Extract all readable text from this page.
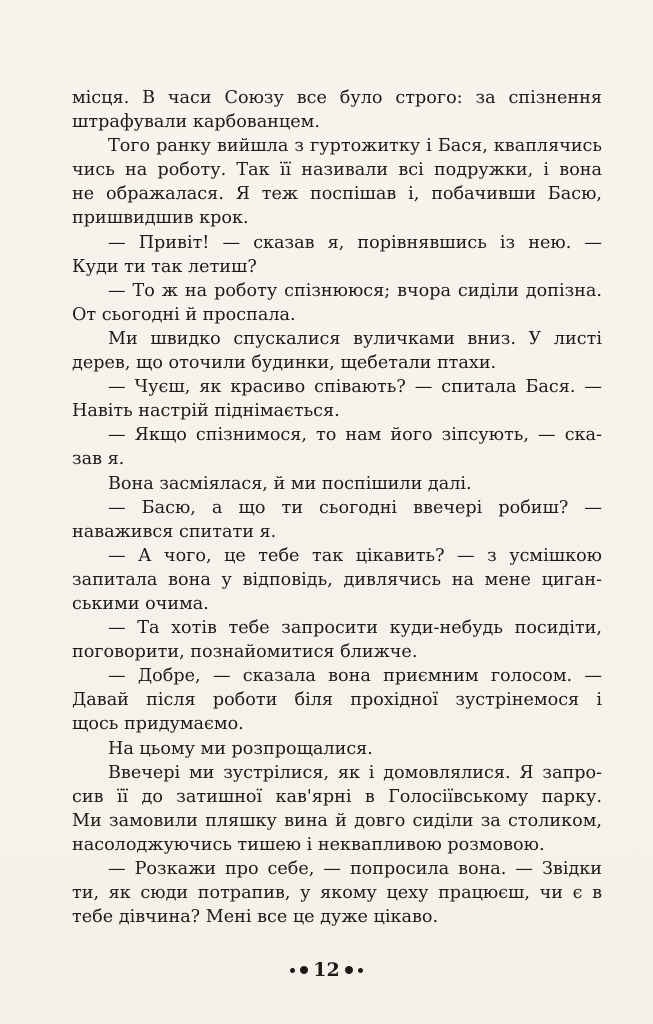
місця. В часи Союзу все було строго: за спізнення
штрафували карбованцем.
Того ранку вийшла з гуртожитку і Бася, кваплячись
чись на роботу. Так її називали всі подружки, і вона
не ображалася. Я теж поспішав і, побачивши Басю,
пришвидшив крок.
— Привіт! — сказав я, порівнявшись із нею. —
Куди ти так летиш?
— То ж на роботу спізнююся; вчора сиділи допізна.
От сьогодні й проспала.
Ми швидко спускалися вуличками вниз. У листі
дерев, що оточили будинки, щебетали птахи.
— Чуєш, як красиво співають? — спитала Бася. —
Навіть настрій піднімається.
— Якщо спізнимося, то нам його зіпсують, — ска-
зав я.
Вона засміялася, й ми поспішили далі.
— Басю, а що ти сьогодні ввечері робиш? —
наважився спитати я.
— А чого, це тебе так цікавить? — з усмішкою
запитала вона у відповідь, дивлячись на мене циган-
ськими очима.
— Та хотів тебе запросити куди-небудь посидіти,
поговорити, познайомитися ближче.
— Добре, — сказала вона приємним голосом. —
Давай після роботи біля прохідної зустрінемося і
щось придумаємо.
На цьому ми розпрощалися.
Ввечері ми зустрілися, як і домовлялися. Я запро-
сив її до затишної кав'ярні в Голосіївському парку.
Ми замовили пляшку вина й довго сиділи за столиком,
насолоджуючись тишею і неквапливою розмовою.
— Розкажи про себе, — попросила вона. — Звідки
ти, як сюди потрапив, у якому цеху працюєш, чи є в
тебе дівчина? Мені все це дуже цікаво.
12
